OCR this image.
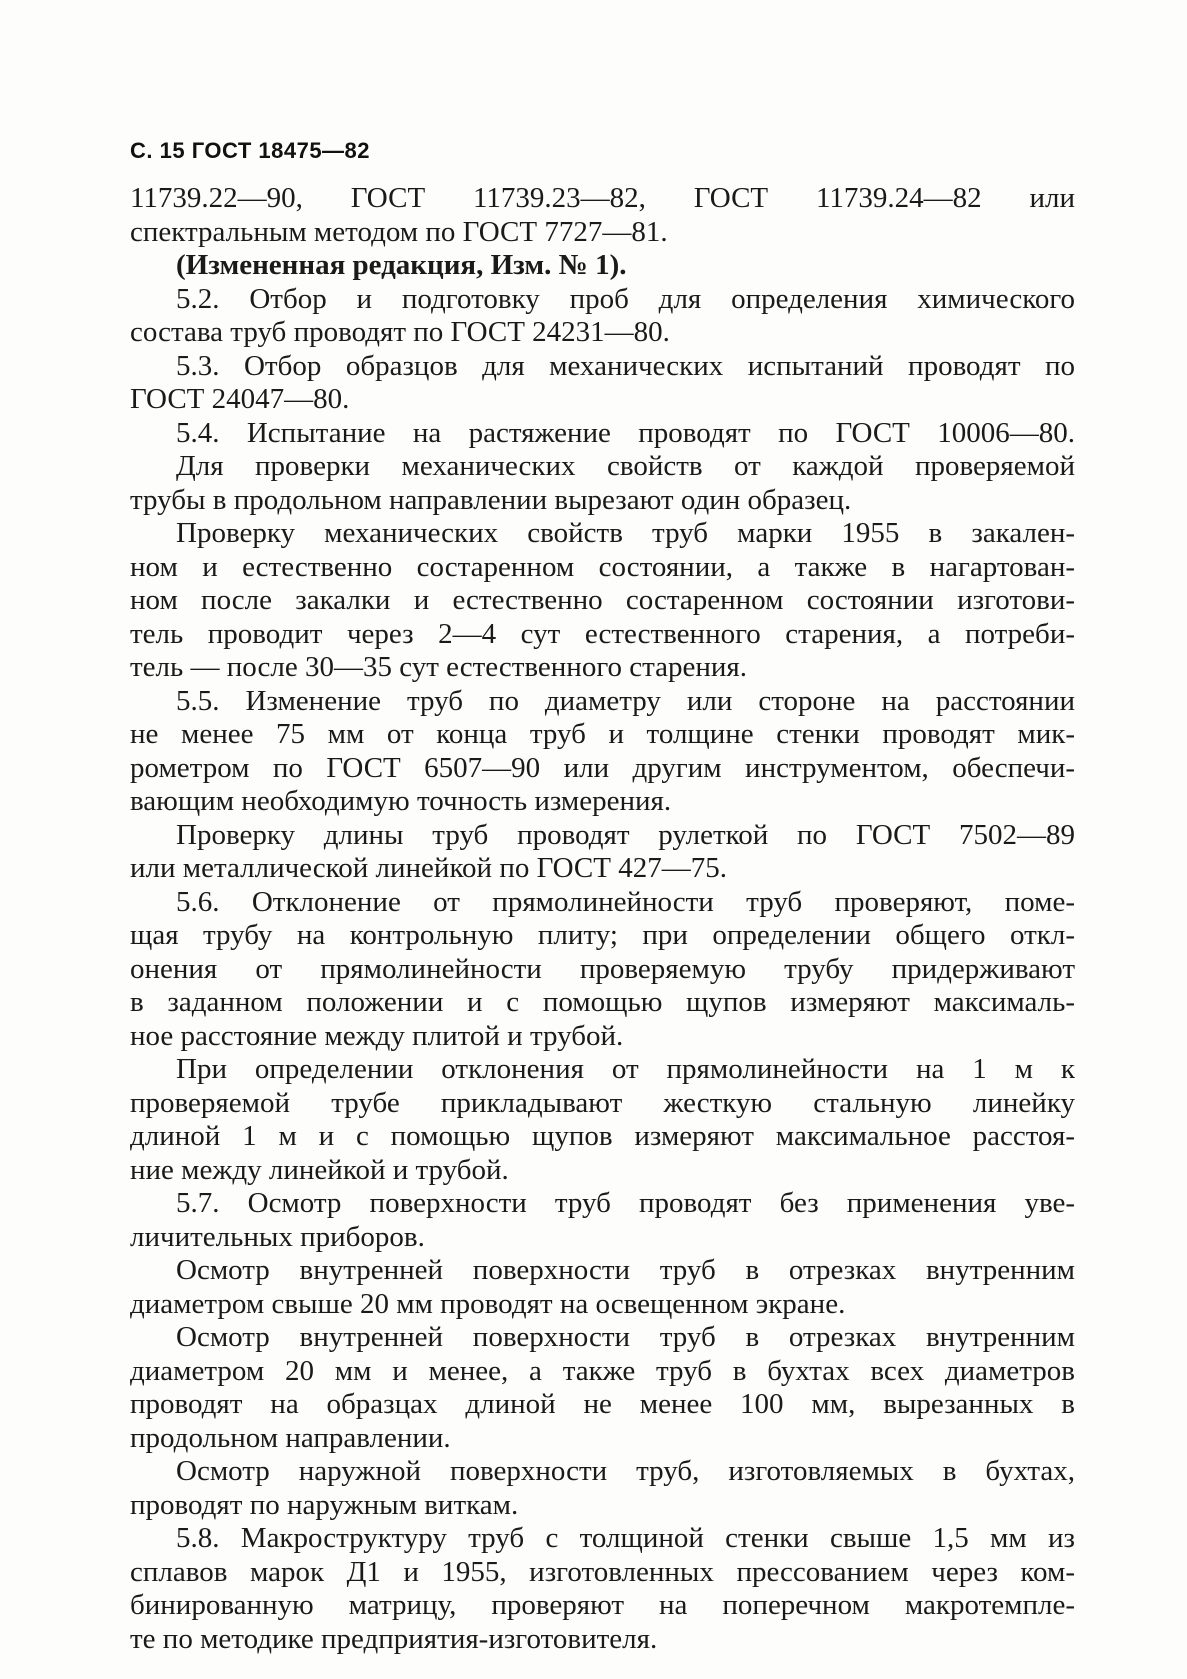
С. 15 ГОСТ 18475—82
11739.22—90, ГОСТ 11739.23—82, ГОСТ 11739.24—82 или
спектральным методом по ГОСТ 7727—81.
(Измененная редакция, Изм. № 1).
5.2. Отбор и подготовку проб для определения химического
состава труб проводят по ГОСТ 24231—80.
5.3. Отбор образцов для механических испытаний проводят по
ГОСТ 24047—80.
5.4. Испытание на растяжение проводят по ГОСТ 10006—80.
Для проверки механических свойств от каждой проверяемой
трубы в продольном направлении вырезают один образец.
Проверку механических свойств труб марки 1955 в закален-
ном и естественно состаренном состоянии, а также в нагартован-
ном после закалки и естественно состаренном состоянии изготови-
тель проводит через 2—4 сут естественного старения, а потреби-
тель — после 30—35 сут естественного старения.
5.5. Изменение труб по диаметру или стороне на расстоянии
не менее 75 мм от конца труб и толщине стенки проводят мик-
рометром по ГОСТ 6507—90 или другим инструментом, обеспечи-
вающим необходимую точность измерения.
Проверку длины труб проводят рулеткой по ГОСТ 7502—89
или металлической линейкой по ГОСТ 427—75.
5.6. Отклонение от прямолинейности труб проверяют, поме-
щая трубу на контрольную плиту; при определении общего откл-
онения от прямолинейности проверяемую трубу придерживают
в заданном положении и с помощью щупов измеряют максималь-
ное расстояние между плитой и трубой.
При определении отклонения от прямолинейности на 1 м к
проверяемой трубе прикладывают жесткую стальную линейку
длиной 1 м и с помощью щупов измеряют максимальное расстоя-
ние между линейкой и трубой.
5.7. Осмотр поверхности труб проводят без применения уве-
личительных приборов.
Осмотр внутренней поверхности труб в отрезках внутренним
диаметром свыше 20 мм проводят на освещенном экране.
Осмотр внутренней поверхности труб в отрезках внутренним
диаметром 20 мм и менее, а также труб в бухтах всех диаметров
проводят на образцах длиной не менее 100 мм, вырезанных в
продольном направлении.
Осмотр наружной поверхности труб, изготовляемых в бухтах,
проводят по наружным виткам.
5.8. Макроструктуру труб с толщиной стенки свыше 1,5 мм из
сплавов марок Д1 и 1955, изготовленных прессованием через ком-
бинированную матрицу, проверяют на поперечном макротемпле-
те по методике предприятия-изготовителя.
